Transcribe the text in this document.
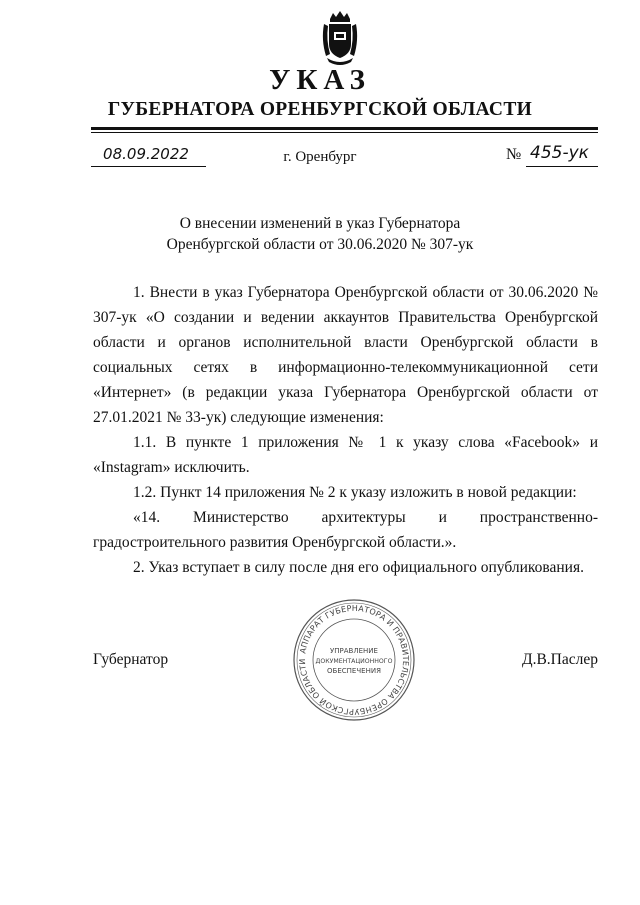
УКАЗ
ГУБЕРНАТОРА ОРЕНБУРГСКОЙ ОБЛАСТИ
08.09.2022	г. Оренбург	№ 455-ук
О внесении изменений в указ Губернатора
Оренбургской области от 30.06.2020 № 307-ук

1. Внести в указ Губернатора Оренбургской области от 30.06.2020 № 307-ук «О создании и ведении аккаунтов Правительства Оренбургской области и органов исполнительной власти Оренбургской области в социальных сетях в информационно-телекоммуникационной сети «Интернет» (в редакции указа Губернатора Оренбургской области от 27.01.2021 № 33-ук) следующие изменения:

1.1. В пункте 1 приложения № 1 к указу слова «Facebook» и «Instagram» исключить.

1.2. Пункт 14 приложения № 2 к указу изложить в новой редакции:

«14. Министерство архитектуры и пространственно-градостроительного развития Оренбургской области.».

2. Указ вступает в силу после дня его официального опубликования.

Губернатор	Д.В.Паслер
АППАРАТ ГУБЕРНАТОРА И ПРАВИТЕЛЬСТВА ОРЕНБУРГСКОЙ ОБЛАСТИ
УПРАВЛЕНИЕ
ДОКУМЕНТАЦИОННОГО
ОБЕСПЕЧЕНИЯ
